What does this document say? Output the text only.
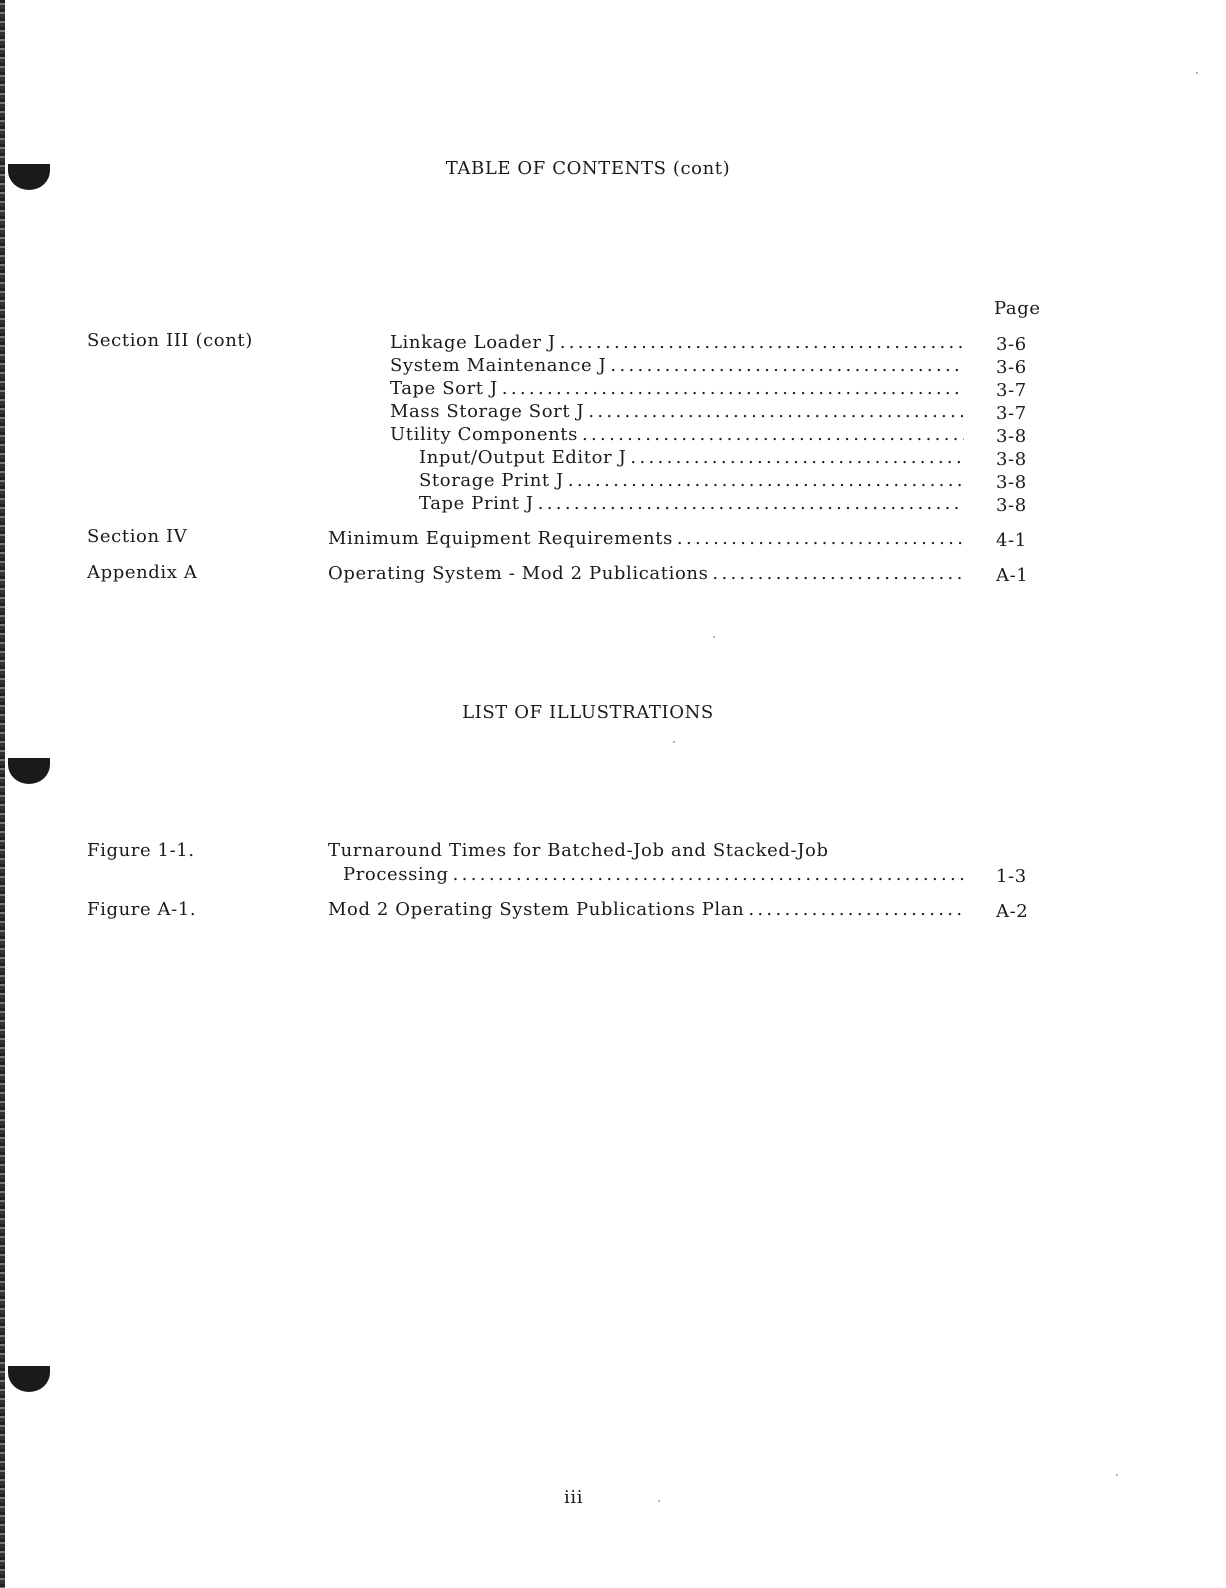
TABLE OF CONTENTS (cont)
Page
Section III (cont)	Linkage Loader J . . .	3-6
System Maintenance J . . .	3-6
Tape Sort J . . .	3-7
Mass Storage Sort J . . .	3-7
Utility Components . . .	3-8
Input/Output Editor J . . .	3-8
Storage Print J . . .	3-8
Tape Print J . . .	3-8
Section IV	Minimum Equipment Requirements . . .	4-1
Appendix A	Operating System - Mod 2 Publications . . .	A-1
LIST OF ILLUSTRATIONS
Figure 1-1.	Turnaround Times for Batched-Job and Stacked-Job
Processing . . .	1-3
Figure A-1.	Mod 2 Operating System Publications Plan . . .	A-2
iii
